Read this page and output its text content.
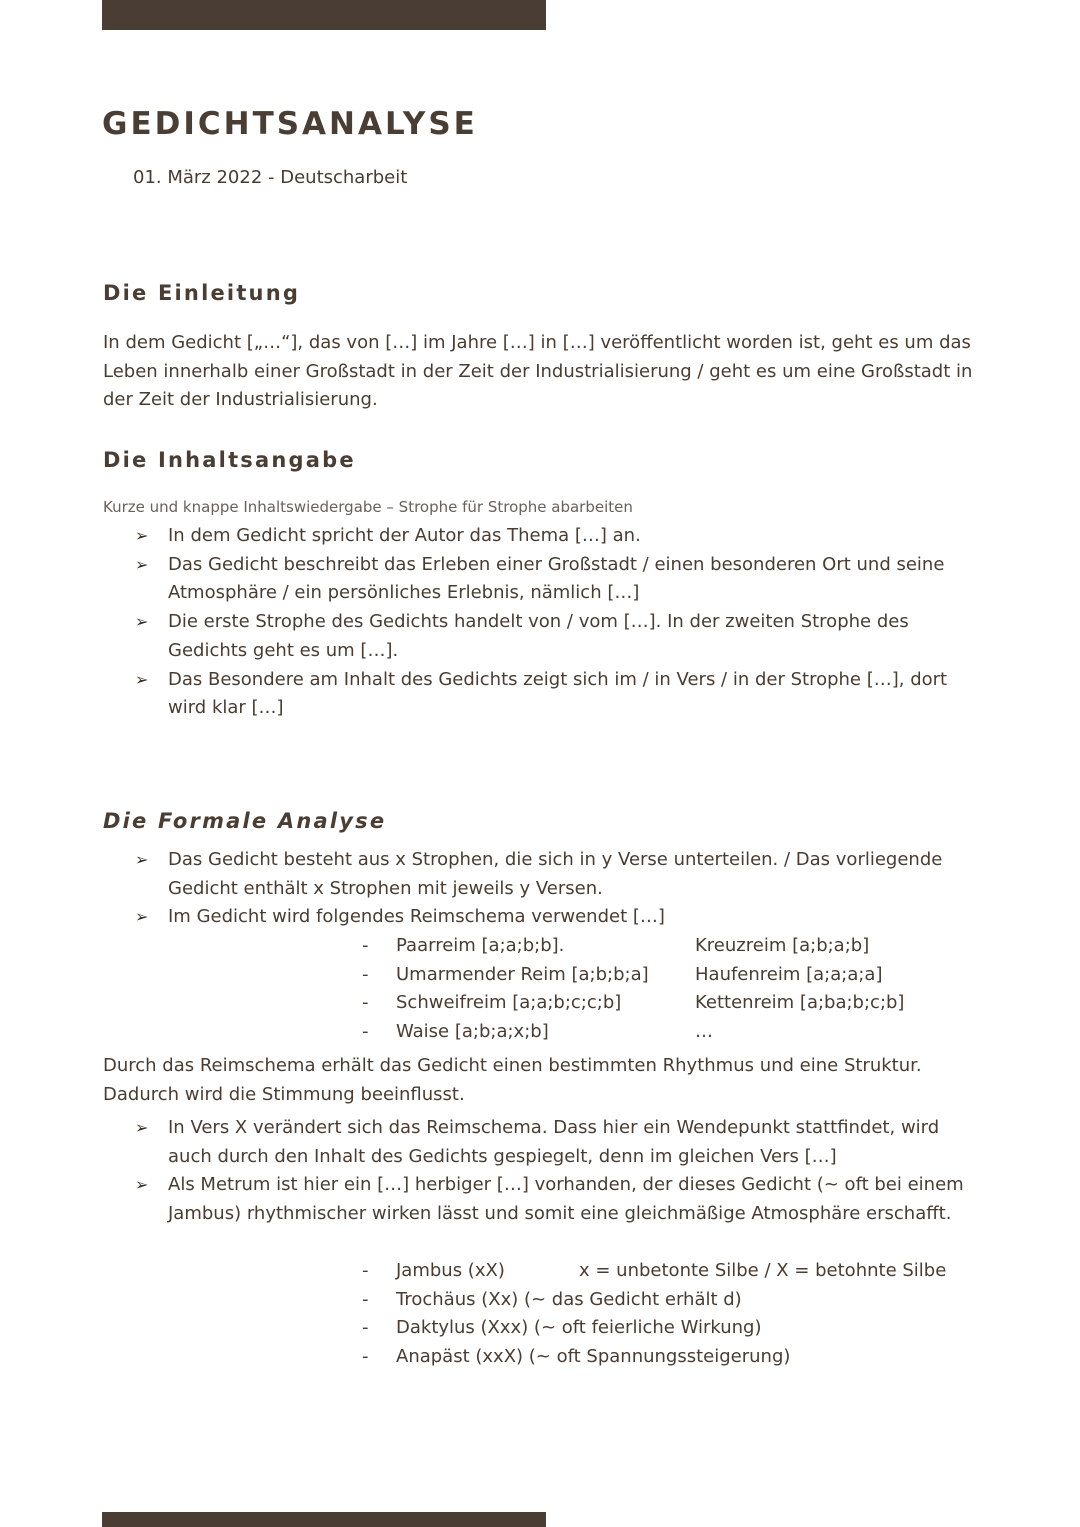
GEDICHTSANALYSE
01. März 2022 - Deutscharbeit
Die Einleitung

In dem Gedicht [„…“], das von […] im Jahre […] in […] veröffentlicht worden ist, geht es um das Leben innerhalb einer Großstadt in der Zeit der Industrialisierung / geht es um eine Großstadt in der Zeit der Industrialisierung.

Die Inhaltsangabe
Kurze und knappe Inhaltswiedergabe – Strophe für Strophe abarbeiten
➢ In dem Gedicht spricht der Autor das Thema […] an.
➢ Das Gedicht beschreibt das Erleben einer Großstadt / einen besonderen Ort und seine Atmosphäre / ein persönliches Erlebnis, nämlich […]
➢ Die erste Strophe des Gedichts handelt von / vom […]. In der zweiten Strophe des Gedichts geht es um […].
➢ Das Besondere am Inhalt des Gedichts zeigt sich im / in Vers / in der Strophe […], dort wird klar […]
Die Formale Analyse
➢ Das Gedicht besteht aus x Strophen, die sich in y Verse unterteilen. / Das vorliegende Gedicht enthält x Strophen mit jeweils y Versen.
➢ Im Gedicht wird folgendes Reimschema verwendet […]
- Paarreim [a;a;b;b].	Kreuzreim [a;b;a;b]
- Umarmender Reim [a;b;b;a]	Haufenreim [a;a;a;a]
- Schweifreim [a;a;b;c;c;b]	Kettenreim [a;ba;b;c;b]
- Waise [a;b;a;x;b]	…

Durch das Reimschema erhält das Gedicht einen bestimmten Rhythmus und eine Struktur. Dadurch wird die Stimmung beeinflusst.

➢ In Vers X verändert sich das Reimschema. Dass hier ein Wendepunkt stattfindet, wird auch durch den Inhalt des Gedichts gespiegelt, denn im gleichen Vers […]
➢ Als Metrum ist hier ein […] herbiger […] vorhanden, der dieses Gedicht (~ oft bei einem Jambus) rhythmischer wirken lässt und somit eine gleichmäßige Atmosphäre erschafft.
- Jambus (xX)	x = unbetonte Silbe / X = betohnte Silbe
- Trochäus (Xx) (~ das Gedicht erhält d)
- Daktylus (Xxx) (~ oft feierliche Wirkung)
- Anapäst (xxX) (~ oft Spannungssteigerung)
